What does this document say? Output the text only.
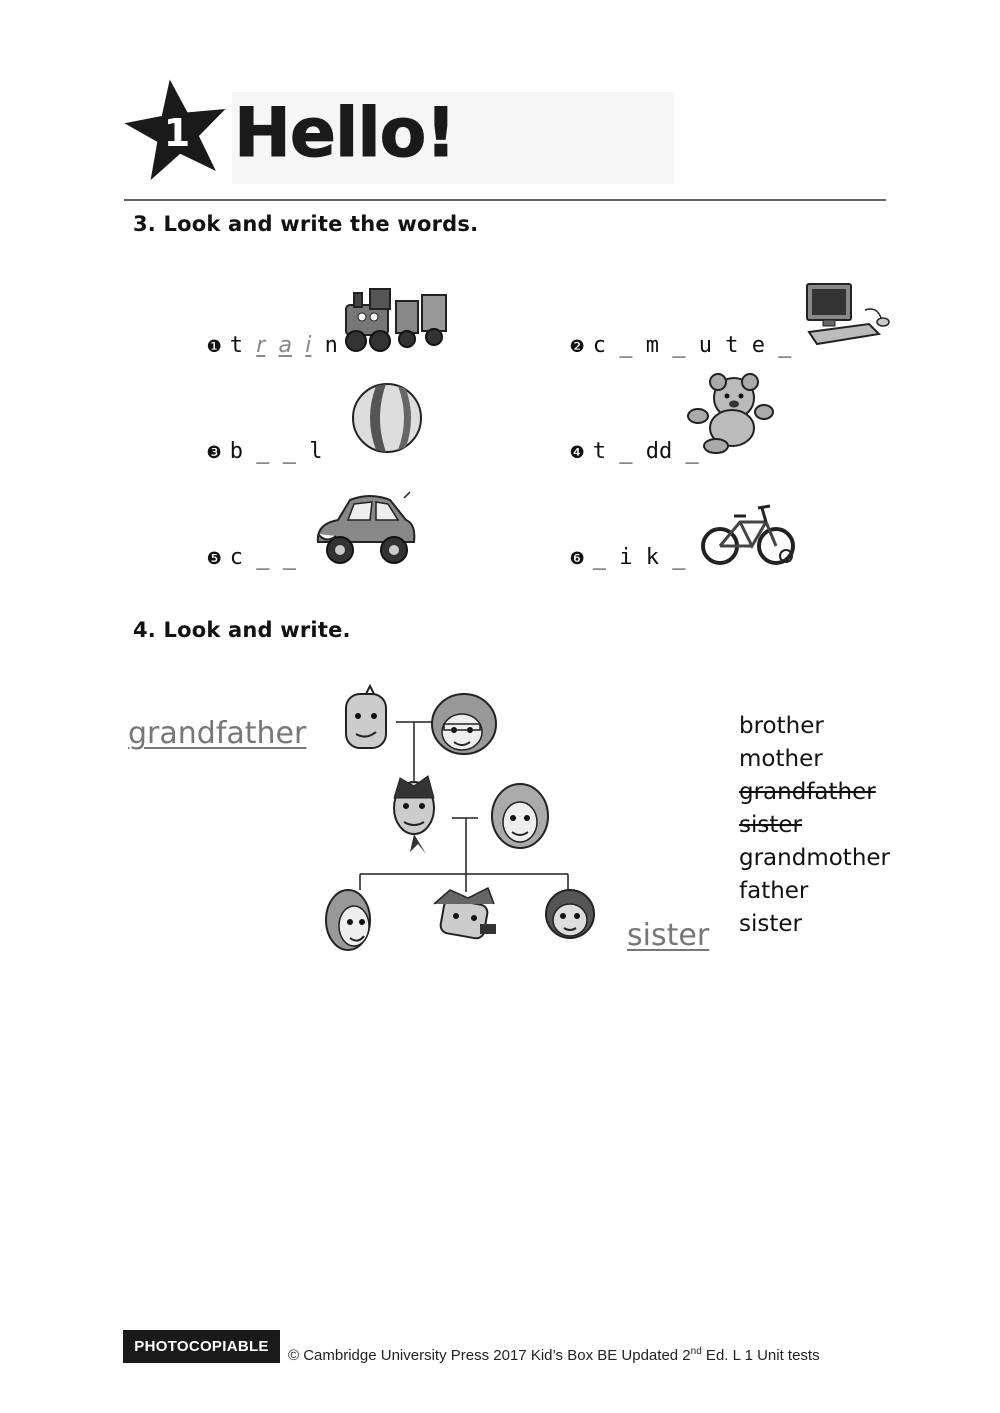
1 Hello!
3. Look and write the words.

❶ t r a i n	❷ c _ m _ u t e _

❸ b _ _ l	❹ t _ dd _

❺ c _ _	❻ _ i k _

4. Look and write.
grandfather
sister
brother
mother
grandfather
sister
grandmother
father
sister
PHOTOCOPIABLE
© Cambridge University Press 2017 Kid’s Box BE Updated 2nd Ed. L 1 Unit tests
